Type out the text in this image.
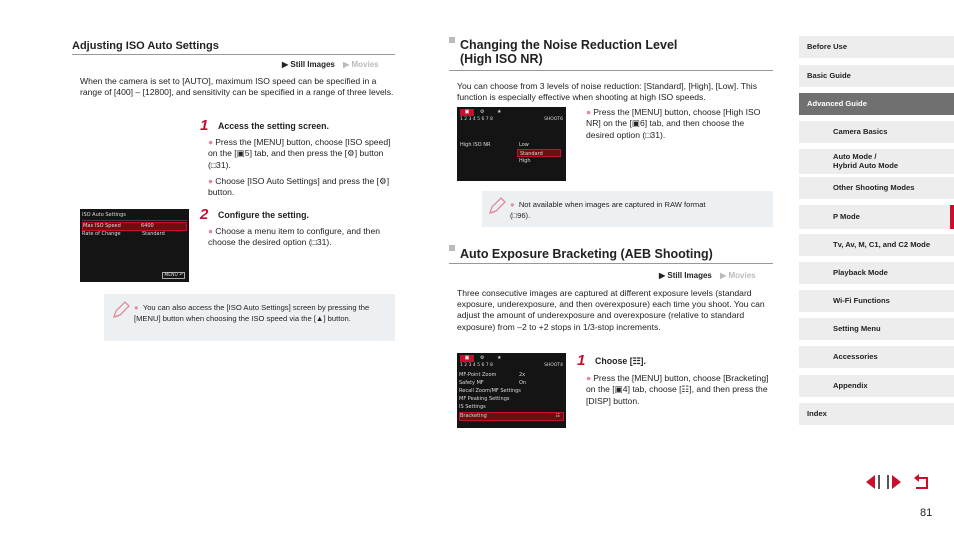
Adjusting ISO Auto Settings
▶ Still Images ▶ Movies
When the camera is set to [AUTO], maximum ISO speed can be specified in a range of [400] – [12800], and sensitivity can be specified in a range of three levels.
1 Access the setting screen.
● Press the [MENU] button, choose [ISO speed] on the [▣5] tab, and then press the [⚙] button (□31).
● Choose [ISO Auto Settings] and press the [⚙] button.
ISO Auto Settings
Max ISO Speed	6400
Rate of Change	Standard
MENU ↶
2 Configure the setting.
● Choose a menu item to configure, and then choose the desired option (□31).
● You can also access the [ISO Auto Settings] screen by pressing the [MENU] button when choosing the ISO speed via the [▲] button.
Changing the Noise Reduction Level
(High ISO NR)
You can choose from 3 levels of noise reduction: [Standard], [High], [Low]. This function is especially effective when shooting at high ISO speeds.
▣	⚙	★
1 2 3 4 5 6 7 8	SHOOT6
High ISO NR	Low
Standard
High
● Press the [MENU] button, choose [High ISO NR] on the [▣6] tab, and then choose the desired option (□31).
● Not available when images are captured in RAW format (□96).
Auto Exposure Bracketing (AEB Shooting)
▶ Still Images ▶ Movies
Three consecutive images are captured at different exposure levels (standard exposure, underexposure, and then overexposure) each time you shoot. You can adjust the amount of underexposure and overexposure (relative to standard exposure) from –2 to +2 stops in 1/3-stop increments.
▣	⚙	★
1 2 3 4 5 6 7 8	SHOOT4
MF-Point Zoom	2x
Safety MF	On
Recall Zoom/MF Settings
MF Peaking Settings
IS Settings
Bracketing	☷
1 Choose [☷].
● Press the [MENU] button, choose [Bracketing] on the [▣4] tab, choose [☷], and then press the [DISP] button.
Before Use
Basic Guide
Advanced Guide
Camera Basics
Auto Mode /
Hybrid Auto Mode
Other Shooting Modes
P Mode
Tv, Av, M, C1, and C2 Mode
Playback Mode
Wi-Fi Functions
Setting Menu
Accessories
Appendix
Index
81
